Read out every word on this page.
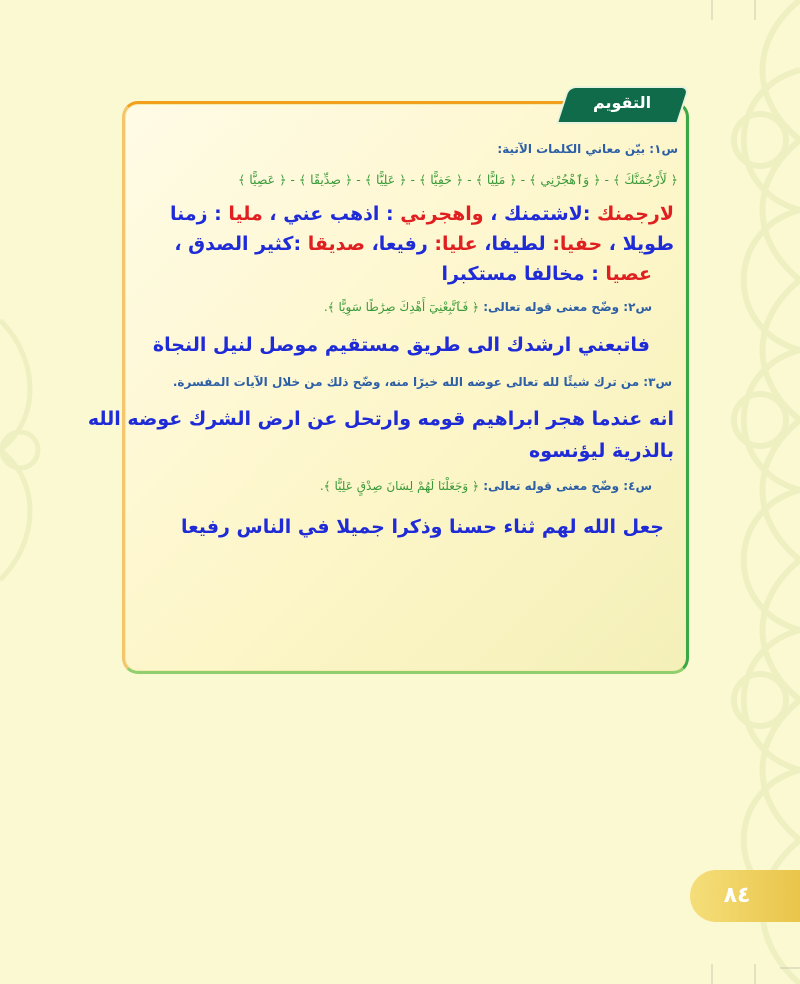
التقويم
س١: بيّن معاني الكلمات الآتية:
﴿ لَأَرْجُمَنَّكَ ﴾ - ﴿ وَٱهْجُرْنِي ﴾ - ﴿ مَلِيًّا ﴾ - ﴿ حَفِيًّا ﴾ - ﴿ عَلِيًّا ﴾ - ﴿ صِدِّيقًا ﴾ - ﴿ عَصِيًّا ﴾
لارجمنك :لاشتمنك ، واهجرني : اذهب عني ، مليا : زمنا
طويلا ، حفيا: لطيفا، عليا: رفيعا، صديقا :كثير الصدق ،
عصيا : مخالفا مستكبرا
س٢: وضّح معنى قوله تعالى: ﴿ فَٱتَّبِعْنِيٓ أَهْدِكَ صِرَٰطًا سَوِيًّا ﴾.
فاتبعني ارشدك الى طريق مستقيم موصل لنيل النجاة
س٣: من ترك شيئًا لله تعالى عوضه الله خيرًا منه، وضّح ذلك من خلال الآيات المفسرة.
انه عندما هجر ابراهيم قومه وارتحل عن ارض الشرك عوضه الله
بالذرية ليؤنسوه
س٤: وضّح معنى قوله تعالى: ﴿ وَجَعَلْنَا لَهُمْ لِسَانَ صِدْقٍ عَلِيًّا ﴾.
جعل الله لهم ثناء حسنا وذكرا جميلا في الناس رفيعا
٨٤
